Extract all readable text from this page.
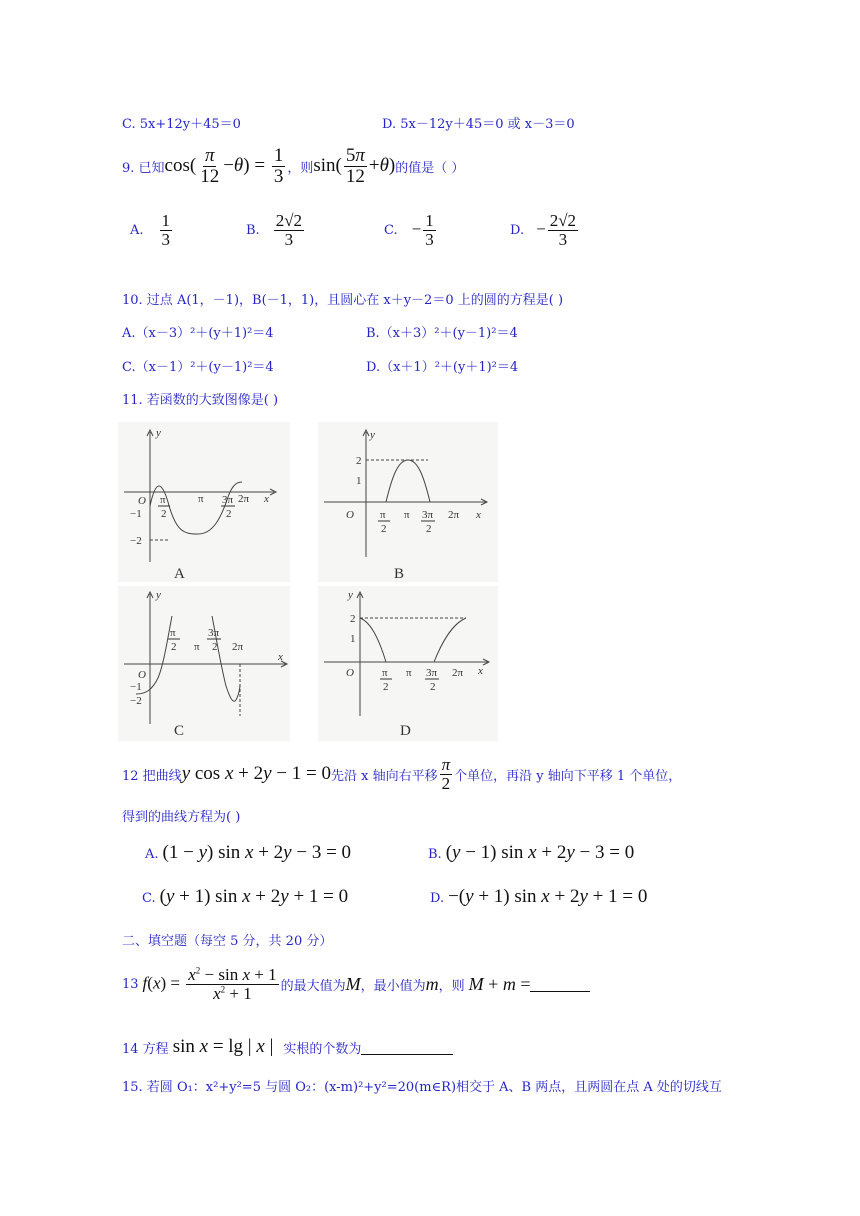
C. 5x+12y＋45＝0	D. 5x－12y＋45＝0 或 x－3＝0
9. 已知 $\cos( \frac{\pi}{12} -\theta) = \frac{1}{3}$ ，则 $\sin( \frac{5\pi}{12} +\theta)$ 的值是（ ）
A. $\frac{1}{3}$	B. $\frac{2√2}{3}$	C. − $\frac{1}{3}$	D. − $\frac{2√2}{3}$
10. 过点 A(1，－1)，B(－1，1)，且圆心在 x＋y－2＝0 上的圆的方程是( )
A.（x－3）²＋(y＋1)²＝4	B.（x＋3）²＋(y－1)²＝4
C.（x－1）²＋(y－1)²＝4	D.（x＋1）²＋(y＋1)²＝4
11. 若函数的大致图像是( )
y
O π
2
π 3π
2
2π x
−1
−2
A
y
2
1
O π
2
π 3π
2
2π x
B
y
O
−1
−2
π
2 π
3π
2 2π
x
C
y
2
1
O	π
2
π 3π
2
2π x
D
12 把曲线 y cos x + 2y − 1 = 0 先沿 x 轴向右平移 $\frac{\pi}{2}$ 个单位，再沿 y 轴向下平移 1 个单位，
得到的曲线方程为( )
A. (1 − y) sin x + 2y − 3 = 0	B. (y − 1) sin x + 2y − 3 = 0
C. (y + 1) sin x + 2y + 1 = 0	D. −(y + 1) sin x + 2y + 1 = 0
二、填空题（每空 5 分，共 20 分）
13 $f(x) = \frac{x^2 - \sin x + 1}{x^2 + 1}$ 的最大值为 M ，最小值为 m ，则 M + m =
14 方程 sin x = lg | x | 实根的个数为
15. 若圆 O₁：x²+y²=5 与圆 O₂：(x-m)²+y²=20(m∈R)相交于 A、B 两点，且两圆在点 A 处的切线互
